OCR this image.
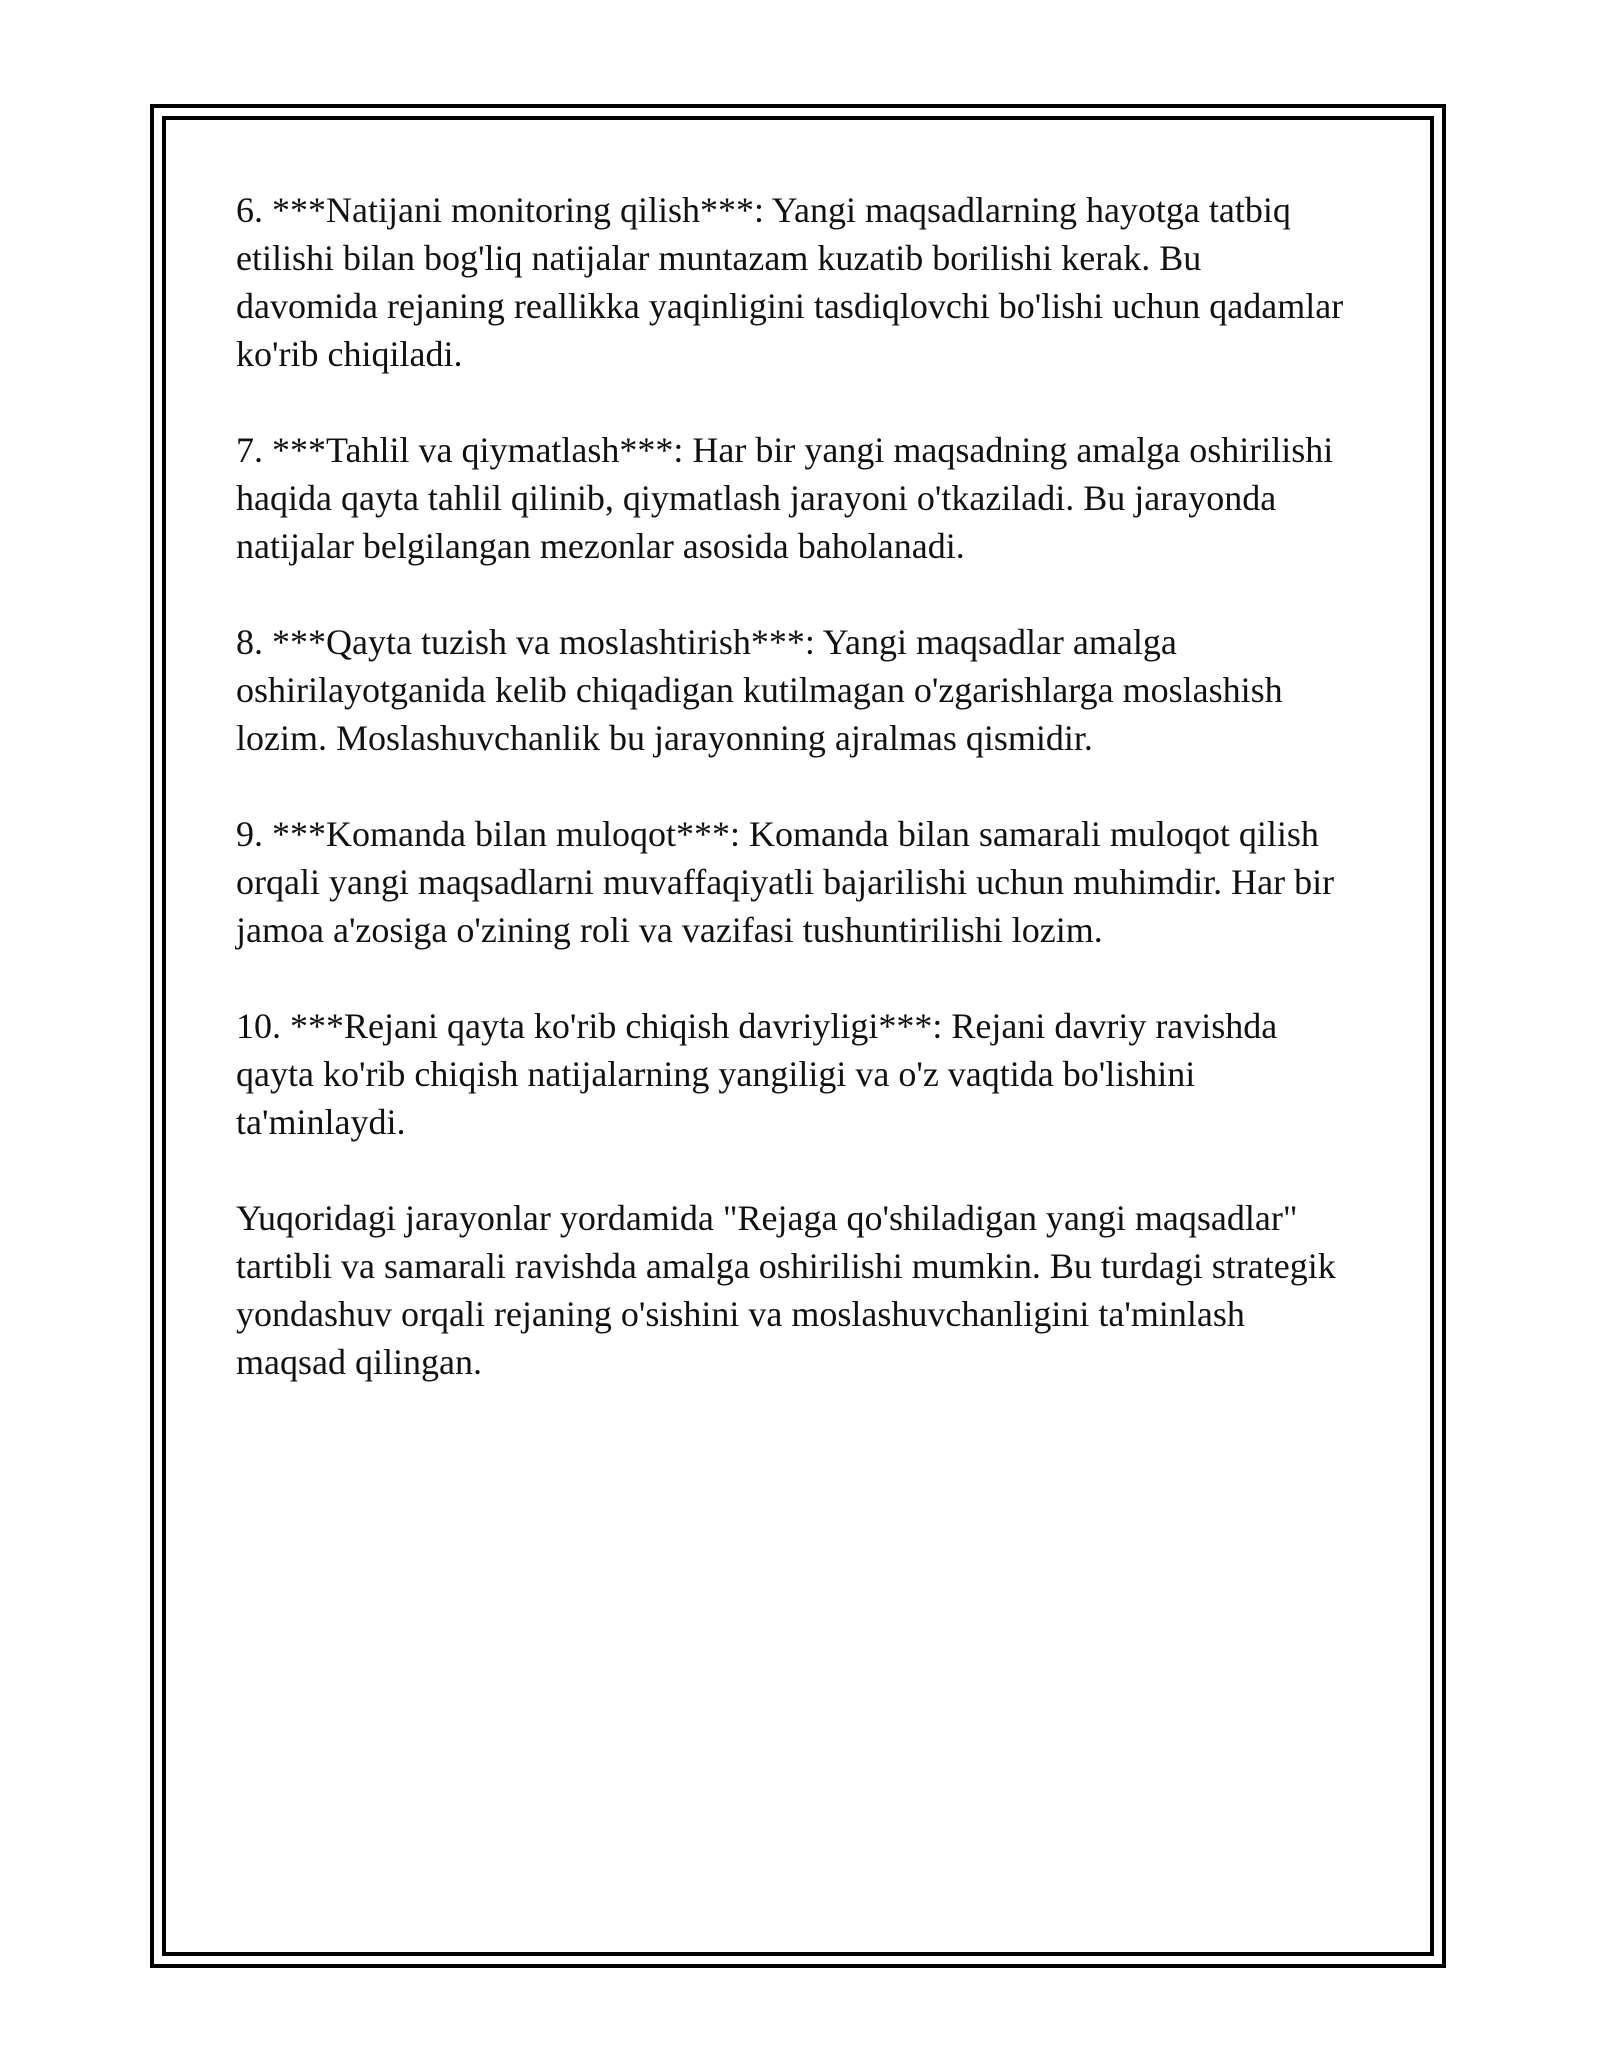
6. ***Natijani monitoring qilish***: Yangi maqsadlarning hayotga tatbiq
etilishi bilan bog'liq natijalar muntazam kuzatib borilishi kerak. Bu
davomida rejaning reallikka yaqinligini tasdiqlovchi bo'lishi uchun qadamlar
ko'rib chiqiladi.
7. ***Tahlil va qiymatlash***: Har bir yangi maqsadning amalga oshirilishi
haqida qayta tahlil qilinib, qiymatlash jarayoni o'tkaziladi. Bu jarayonda
natijalar belgilangan mezonlar asosida baholanadi.
8. ***Qayta tuzish va moslashtirish***: Yangi maqsadlar amalga
oshirilayotganida kelib chiqadigan kutilmagan o'zgarishlarga moslashish
lozim. Moslashuvchanlik bu jarayonning ajralmas qismidir.
9. ***Komanda bilan muloqot***: Komanda bilan samarali muloqot qilish
orqali yangi maqsadlarni muvaffaqiyatli bajarilishi uchun muhimdir. Har bir
jamoa a'zosiga o'zining roli va vazifasi tushuntirilishi lozim.
10. ***Rejani qayta ko'rib chiqish davriyligi***: Rejani davriy ravishda
qayta ko'rib chiqish natijalarning yangiligi va o'z vaqtida bo'lishini
ta'minlaydi.
Yuqoridagi jarayonlar yordamida "Rejaga qo'shiladigan yangi maqsadlar"
tartibli va samarali ravishda amalga oshirilishi mumkin. Bu turdagi strategik
yondashuv orqali rejaning o'sishini va moslashuvchanligini ta'minlash
maqsad qilingan.
